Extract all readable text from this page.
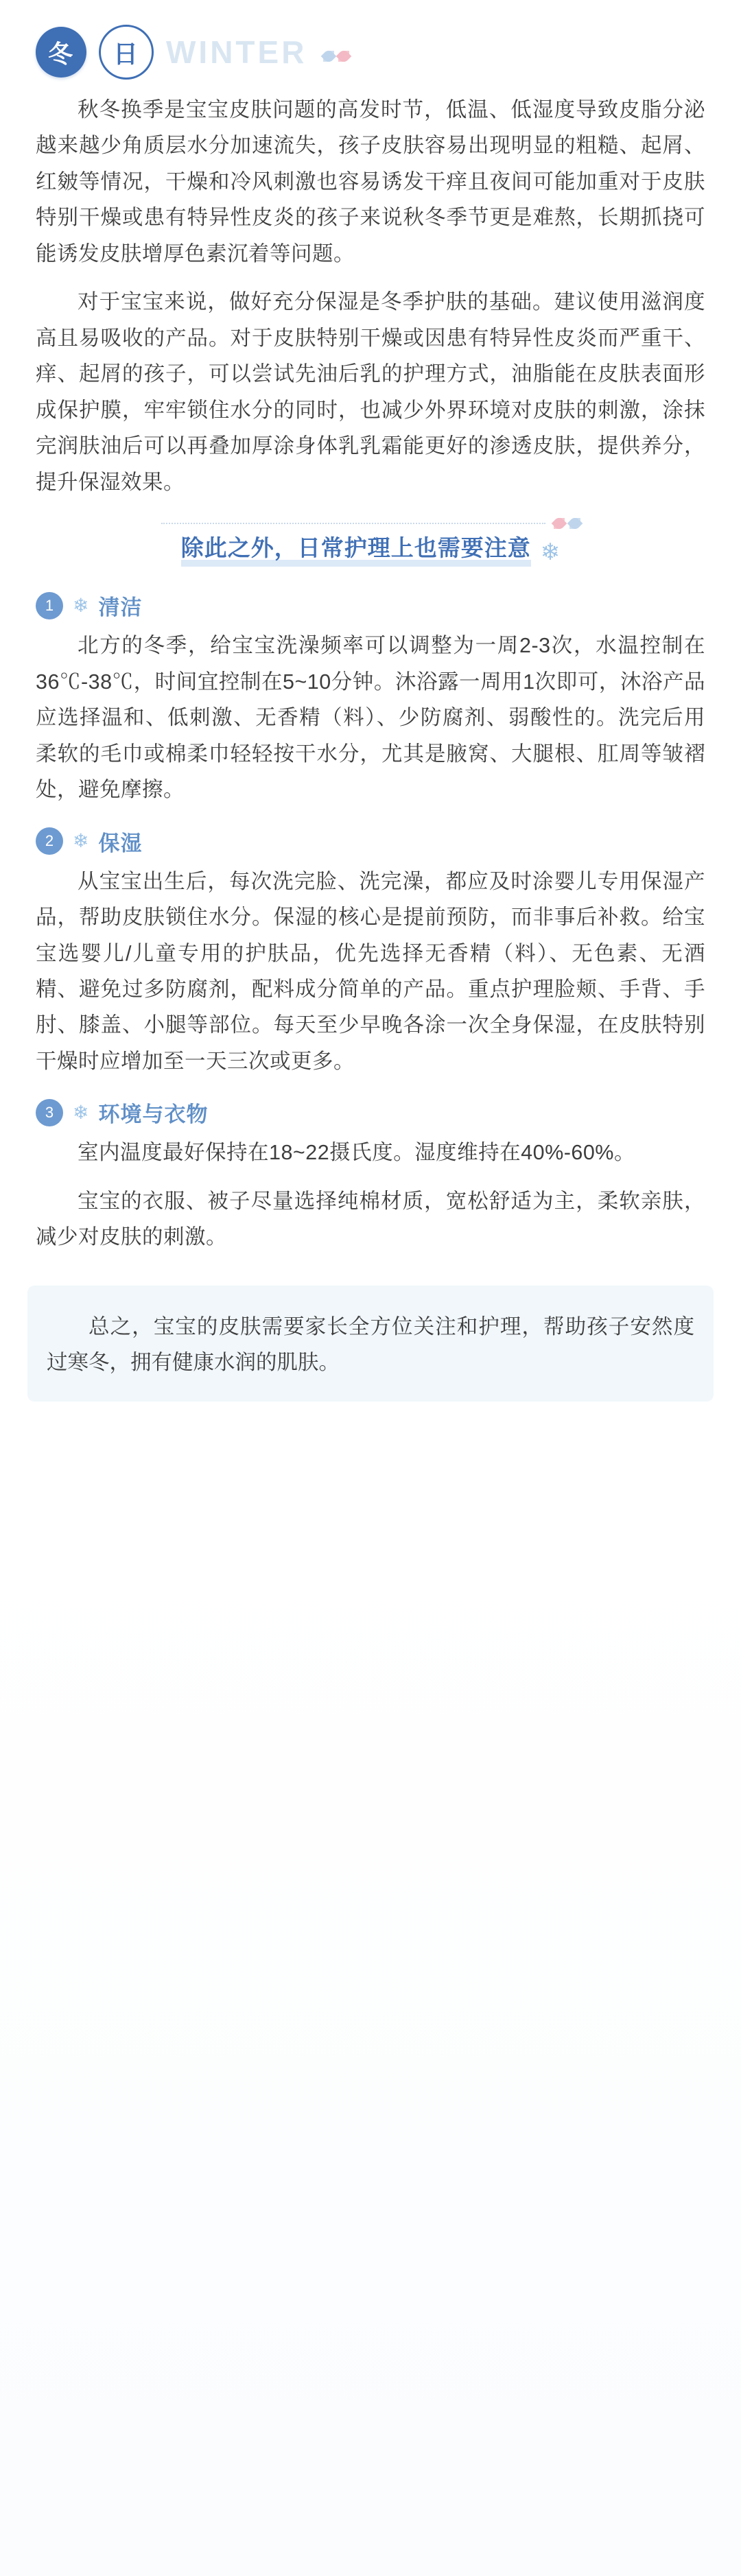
冬	日 WINTER

秋冬换季是宝宝皮肤问题的高发时节，低温、低湿度导致皮脂分泌越来越少角质层水分加速流失，孩子皮肤容易出现明显的粗糙、起屑、红皴等情况，干燥和冷风刺激也容易诱发干痒且夜间可能加重对于皮肤特别干燥或患有特异性皮炎的孩子来说秋冬季节更是难熬，长期抓挠可能诱发皮肤增厚色素沉着等问题。

对于宝宝来说，做好充分保湿是冬季护肤的基础。建议使用滋润度高且易吸收的产品。对于皮肤特别干燥或因患有特异性皮炎而严重干、痒、起屑的孩子，可以尝试先油后乳的护理方式，油脂能在皮肤表面形成保护膜，牢牢锁住水分的同时，也减少外界环境对皮肤的刺激，涂抹完润肤油后可以再叠加厚涂身体乳乳霜能更好的渗透皮肤，提供养分，提升保湿效果。

除此之外，日常护理上也需要注意 ❄
1 ❄ 清洁

北方的冬季，给宝宝洗澡频率可以调整为一周2-3次，水温控制在36℃-38℃，时间宜控制在5~10分钟。沐浴露一周用1次即可，沐浴产品应选择温和、低刺激、无香精（料）、少防腐剂、弱酸性的。洗完后用柔软的毛巾或棉柔巾轻轻按干水分，尤其是腋窝、大腿根、肛周等皱褶处，避免摩擦。

2 ❄ 保湿

从宝宝出生后，每次洗完脸、洗完澡，都应及时涂婴儿专用保湿产品，帮助皮肤锁住水分。保湿的核心是提前预防，而非事后补救。给宝宝选婴儿/儿童专用的护肤品，优先选择无香精（料）、无色素、无酒精、避免过多防腐剂，配料成分简单的产品。重点护理脸颊、手背、手肘、膝盖、小腿等部位。每天至少早晚各涂一次全身保湿，在皮肤特别干燥时应增加至一天三次或更多。

3 ❄ 环境与衣物

室内温度最好保持在18~22摄氏度。湿度维持在40%-60%。

宝宝的衣服、被子尽量选择纯棉材质，宽松舒适为主，柔软亲肤，减少对皮肤的刺激。

总之，宝宝的皮肤需要家长全方位关注和护理，帮助孩子安然度过寒冬，拥有健康水润的肌肤。
